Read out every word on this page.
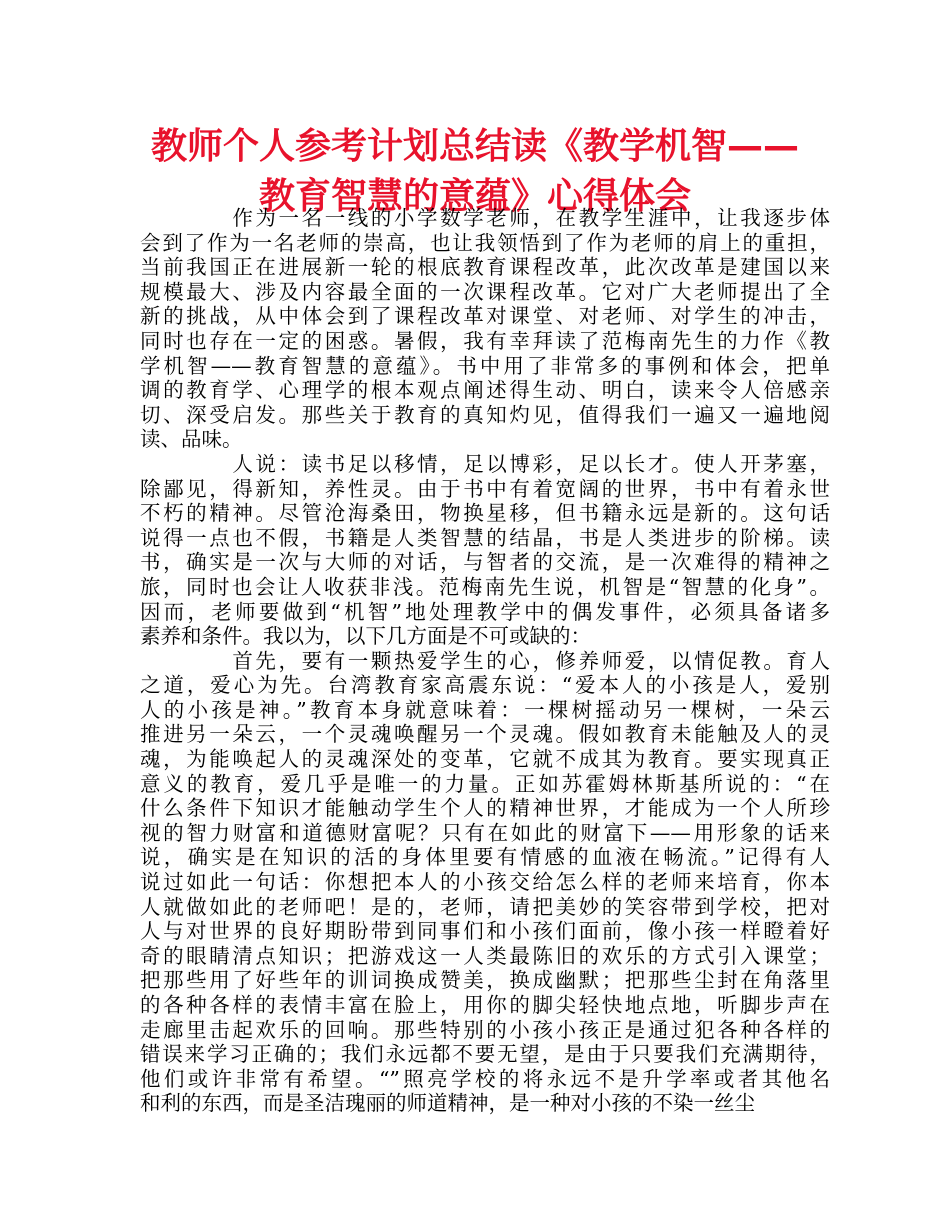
教师个人参考计划总结读《教学机智——
教育智慧的意蕴》心得体会

　　　　作为一名一线的小学数学老师，在教学生涯中，让我逐步体
会到了作为一名老师的崇高，也让我领悟到了作为老师的肩上的重担，
当前我国正在进展新一轮的根底教育课程改革，此次改革是建国以来
规模最大、涉及内容最全面的一次课程改革。它对广大老师提出了全
新的挑战，从中体会到了课程改革对课堂、对老师、对学生的冲击，
同时也存在一定的困惑。暑假，我有幸拜读了范梅南先生的力作《教
学机智——教育智慧的意蕴》。书中用了非常多的事例和体会，把单
调的教育学、心理学的根本观点阐述得生动、明白，读来令人倍感亲
切、深受启发。那些关于教育的真知灼见，值得我们一遍又一遍地阅
读、品味。

　　　　人说：读书足以移情，足以博彩，足以长才。使人开茅塞，
除鄙见，得新知，养性灵。由于书中有着宽阔的世界，书中有着永世
不朽的精神。尽管沧海桑田，物换星移，但书籍永远是新的。这句话
说得一点也不假，书籍是人类智慧的结晶，书是人类进步的阶梯。读
书，确实是一次与大师的对话，与智者的交流，是一次难得的精神之
旅，同时也会让人收获非浅。范梅南先生说，机智是“智慧的化身”。
因而，老师要做到“机智”地处理教学中的偶发事件，必须具备诸多
素养和条件。我以为，以下几方面是不可或缺的：

　　　　首先，要有一颗热爱学生的心，修养师爱，以情促教。育人
之道，爱心为先。台湾教育家高震东说：“爱本人的小孩是人，爱别
人的小孩是神。”教育本身就意味着：一棵树摇动另一棵树，一朵云
推进另一朵云，一个灵魂唤醒另一个灵魂。假如教育未能触及人的灵
魂，为能唤起人的灵魂深处的变革，它就不成其为教育。要实现真正
意义的教育，爱几乎是唯一的力量。正如苏霍姆林斯基所说的：“在
什么条件下知识才能触动学生个人的精神世界，才能成为一个人所珍
视的智力财富和道德财富呢？只有在如此的财富下——用形象的话来
说，确实是在知识的活的身体里要有情感的血液在畅流。”记得有人
说过如此一句话：你想把本人的小孩交给怎么样的老师来培育，你本
人就做如此的老师吧！是的，老师，请把美妙的笑容带到学校，把对
人与对世界的良好期盼带到同事们和小孩们面前，像小孩一样瞪着好
奇的眼睛清点知识；把游戏这一人类最陈旧的欢乐的方式引入课堂；
把那些用了好些年的训词换成赞美，换成幽默；把那些尘封在角落里
的各种各样的表情丰富在脸上，用你的脚尖轻快地点地，听脚步声在
走廊里击起欢乐的回响。那些特别的小孩小孩正是通过犯各种各样的
错误来学习正确的；我们永远都不要无望，是由于只要我们充满期待，
他们或许非常有希望。“”照亮学校的将永远不是升学率或者其他名
和利的东西，而是圣洁瑰丽的师道精神，是一种对小孩的不染一丝尘
